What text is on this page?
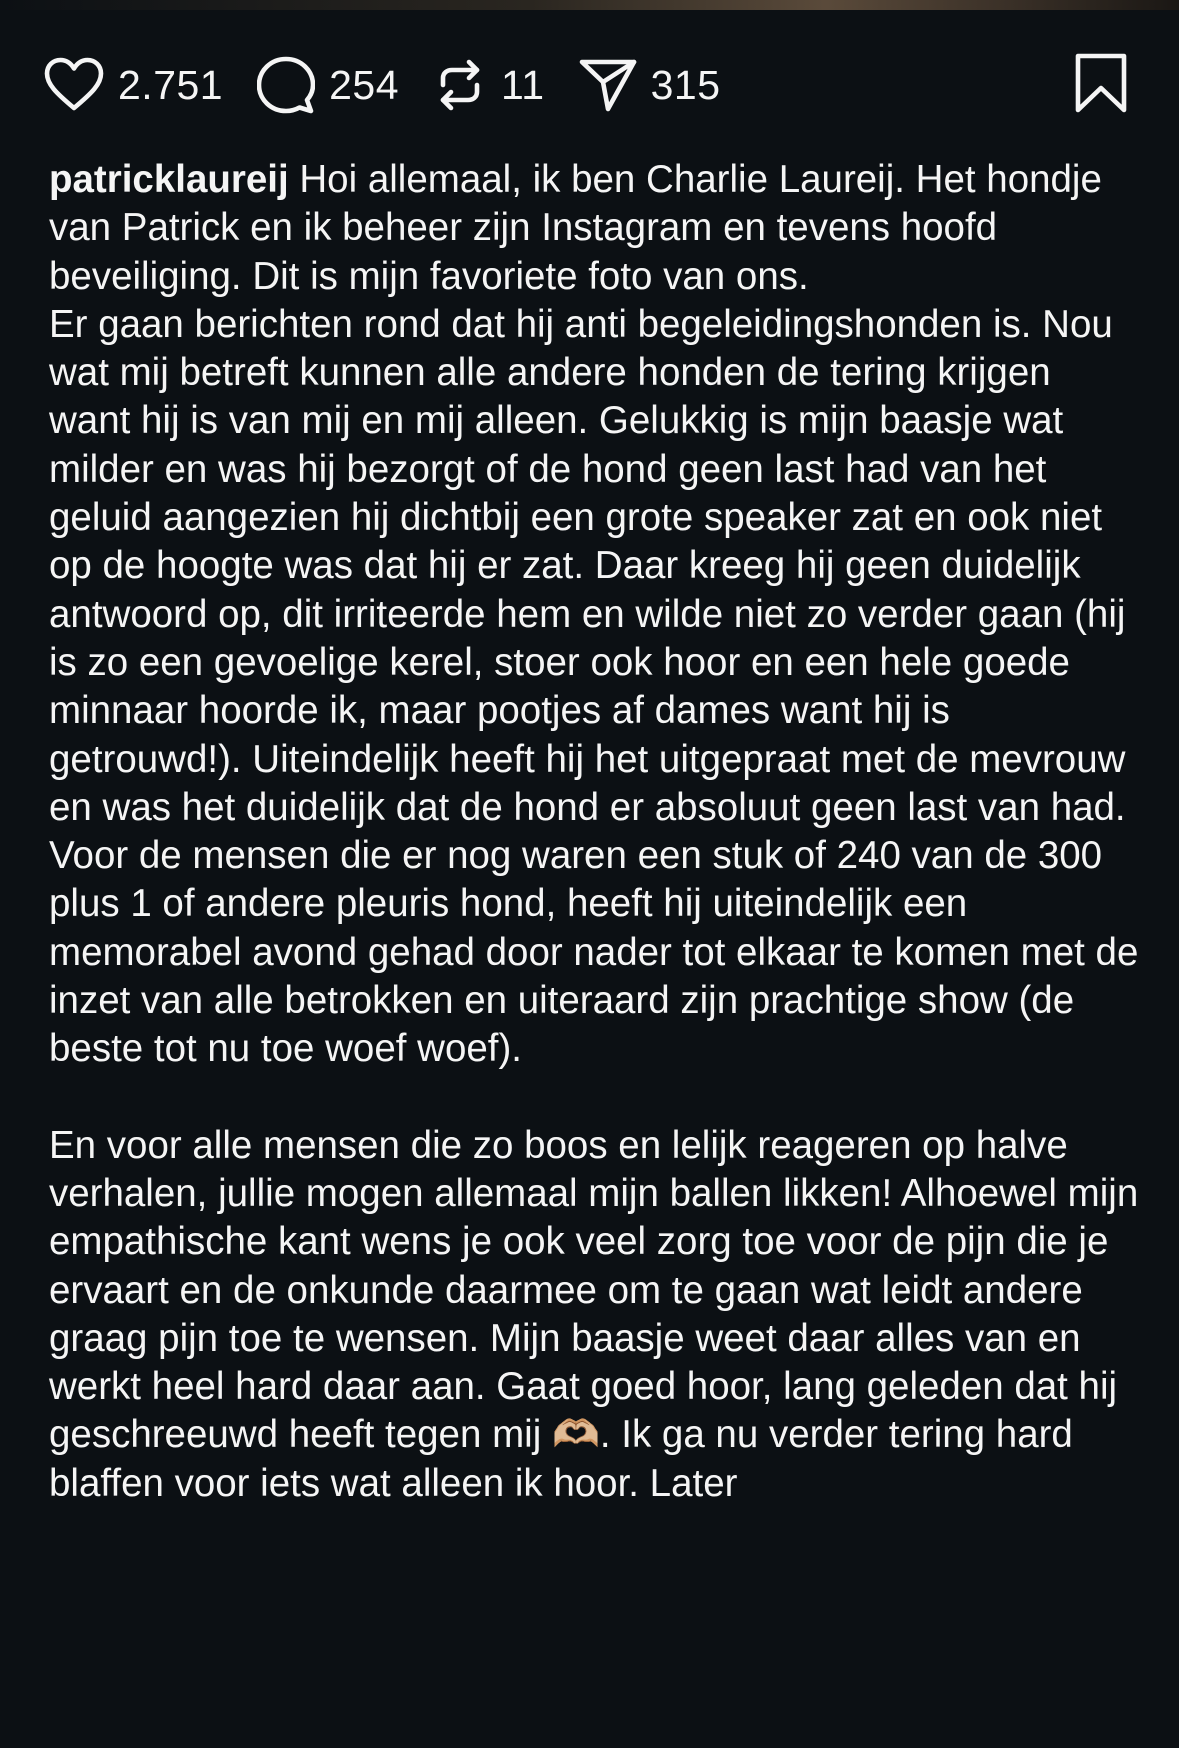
2.751	254 11	315

patricklaureij Hoi allemaal, ik ben Charlie Laureij. Het hondje van Patrick en ik beheer zijn Instagram en tevens hoofd beveiliging. Dit is mijn favoriete foto van ons.

Er gaan berichten rond dat hij anti begeleidingshonden is. Nou wat mij betreft kunnen alle andere honden de tering krijgen want hij is van mij en mij alleen. Gelukkig is mijn baasje wat milder en was hij bezorgt of de hond geen last had van het geluid aangezien hij dichtbij een grote speaker zat en ook niet op de hoogte was dat hij er zat. Daar kreeg hij geen duidelijk antwoord op, dit irriteerde hem en wilde niet zo verder gaan (hij is zo een gevoelige kerel, stoer ook hoor en een hele goede minnaar hoorde ik, maar pootjes af dames want hij is getrouwd!). Uiteindelijk heeft hij het uitgepraat met de mevrouw en was het duidelijk dat de hond er absoluut geen last van had. Voor de mensen die er nog waren een stuk of 240 van de 300 plus 1 of andere pleuris hond, heeft hij uiteindelijk een memorabel avond gehad door nader tot elkaar te komen met de inzet van alle betrokken en uiteraard zijn prachtige show (de beste tot nu toe woef woef).

En voor alle mensen die zo boos en lelijk reageren op halve verhalen, jullie mogen allemaal mijn ballen likken! Alhoewel mijn empathische kant wens je ook veel zorg toe voor de pijn die je ervaart en de onkunde daarmee om te gaan wat leidt andere graag pijn toe te wensen. Mijn baasje weet daar alles van en werkt heel hard daar aan. Gaat goed hoor, lang geleden dat hij geschreeuwd heeft tegen mij 🫶🏼. Ik ga nu verder tering hard blaffen voor iets wat alleen ik hoor. Later
